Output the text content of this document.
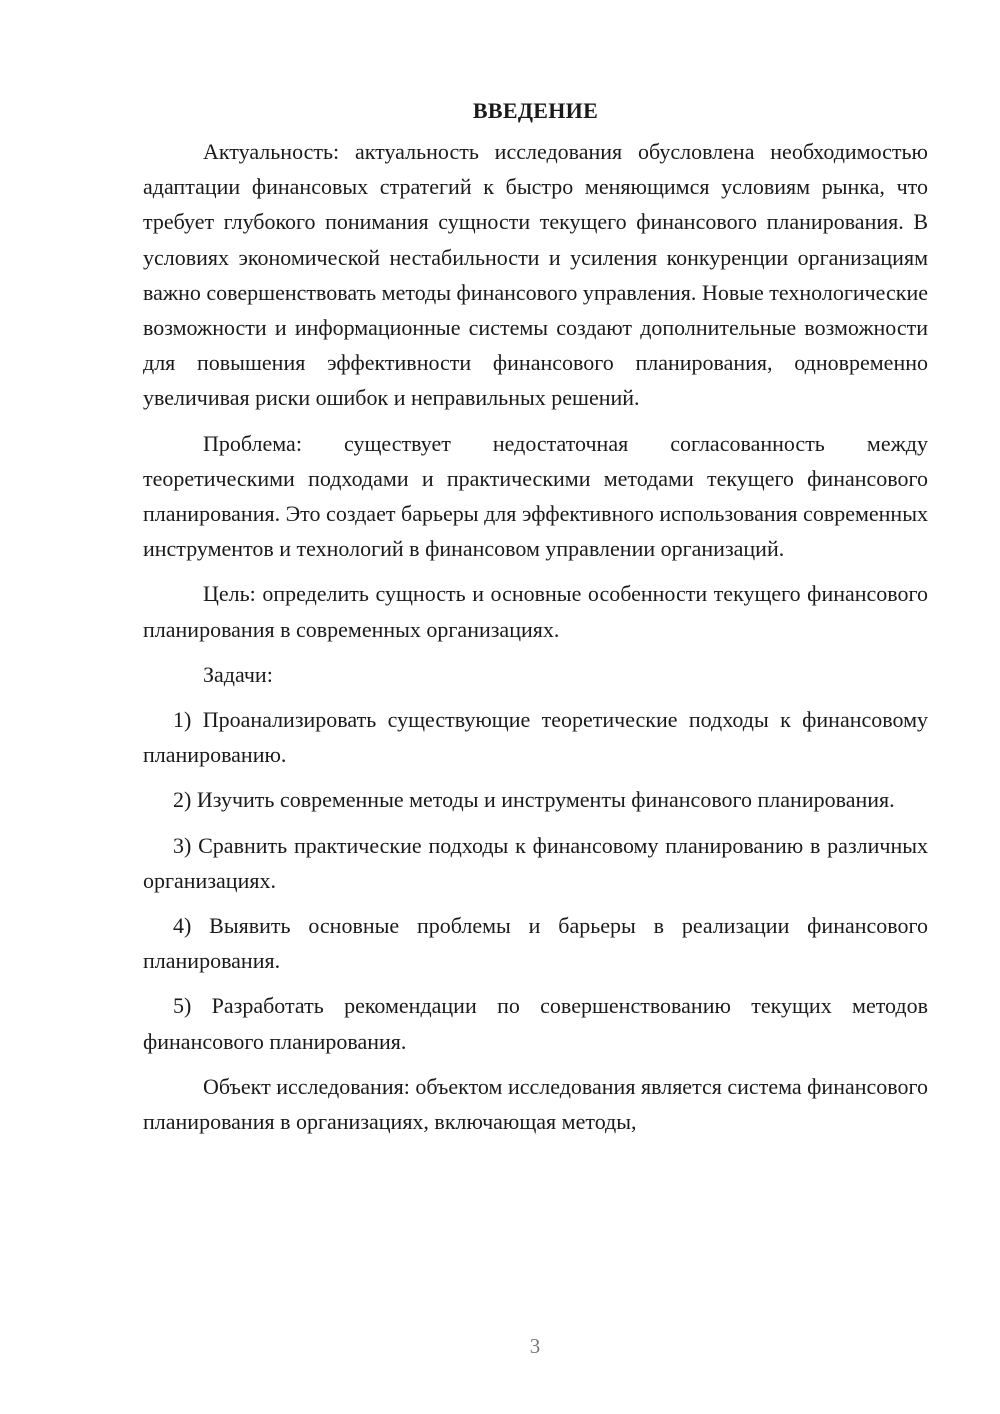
ВВЕДЕНИЕ

Актуальность: актуальность исследования обусловлена необходимостью адаптации финансовых стратегий к быстро меняющимся условиям рынка, что требует глубокого понимания сущности текущего финансового планирования. В условиях экономической нестабильности и усиления конкуренции организациям важно совершенствовать методы финансового управления. Новые технологические возможности и информационные системы создают дополнительные возможности для повышения эффективности финансового планирования, одновременно увеличивая риски ошибок и неправильных решений.

Проблема: существует недостаточная согласованность между теоретическими подходами и практическими методами текущего финансового планирования. Это создает барьеры для эффективного использования современных инструментов и технологий в финансовом управлении организаций.

Цель: определить сущность и основные особенности текущего финансового планирования в современных организациях.

Задачи:

1) Проанализировать существующие теоретические подходы к финансовому планированию.

2) Изучить современные методы и инструменты финансового планирования.

3) Сравнить практические подходы к финансовому планированию в различных организациях.

4) Выявить основные проблемы и барьеры в реализации финансового планирования.

5) Разработать рекомендации по совершенствованию текущих методов финансового планирования.

Объект исследования: объектом исследования является система финансового планирования в организациях, включающая методы,

3
